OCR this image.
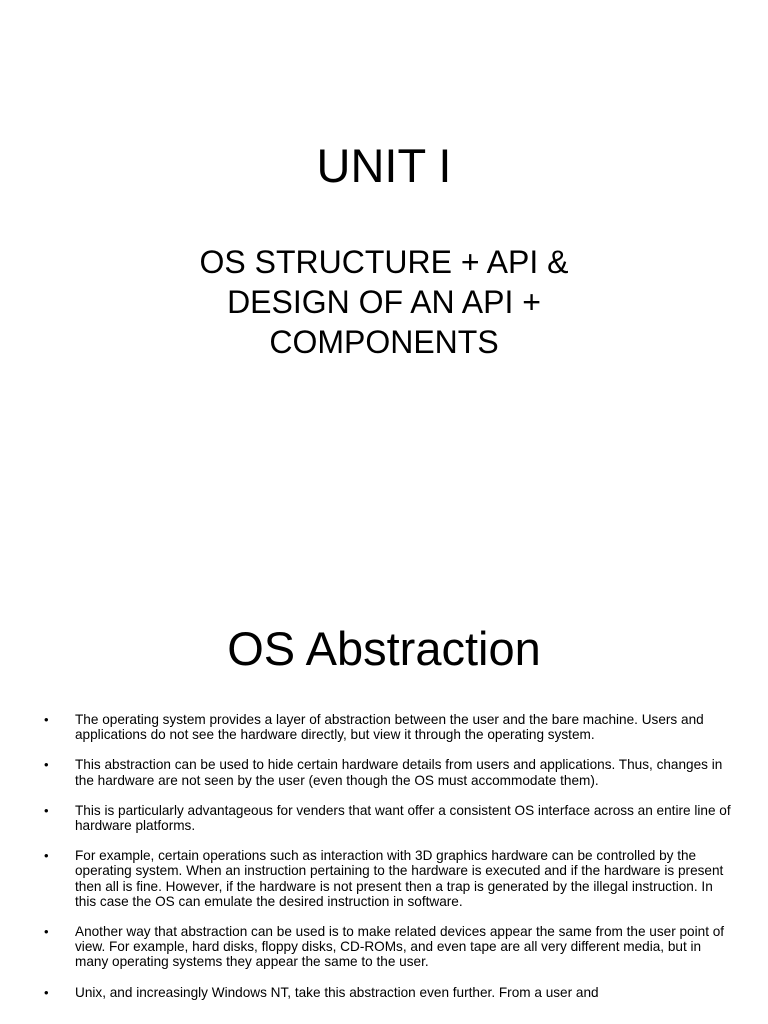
UNIT I
OS STRUCTURE + API &
DESIGN OF AN API +
COMPONENTS
OS Abstraction
• The operating system provides a layer of abstraction between the user and the bare machine. Users and applications do not see the hardware directly, but view it through the operating system.
• This abstraction can be used to hide certain hardware details from users and applications. Thus, changes in the hardware are not seen by the user (even though the OS must accommodate them).
• This is particularly advantageous for venders that want offer a consistent OS interface across an entire line of hardware platforms.
• For example, certain operations such as interaction with 3D graphics hardware can be controlled by the operating system. When an instruction pertaining to the hardware is executed and if the hardware is present then all is fine. However, if the hardware is not present then a trap is generated by the illegal instruction. In this case the OS can emulate the desired instruction in software.
• Another way that abstraction can be used is to make related devices appear the same from the user point of view. For example, hard disks, floppy disks, CD-ROMs, and even tape are all very different media, but in many operating systems they appear the same to the user.
• Unix, and increasingly Windows NT, take this abstraction even further. From a user and
